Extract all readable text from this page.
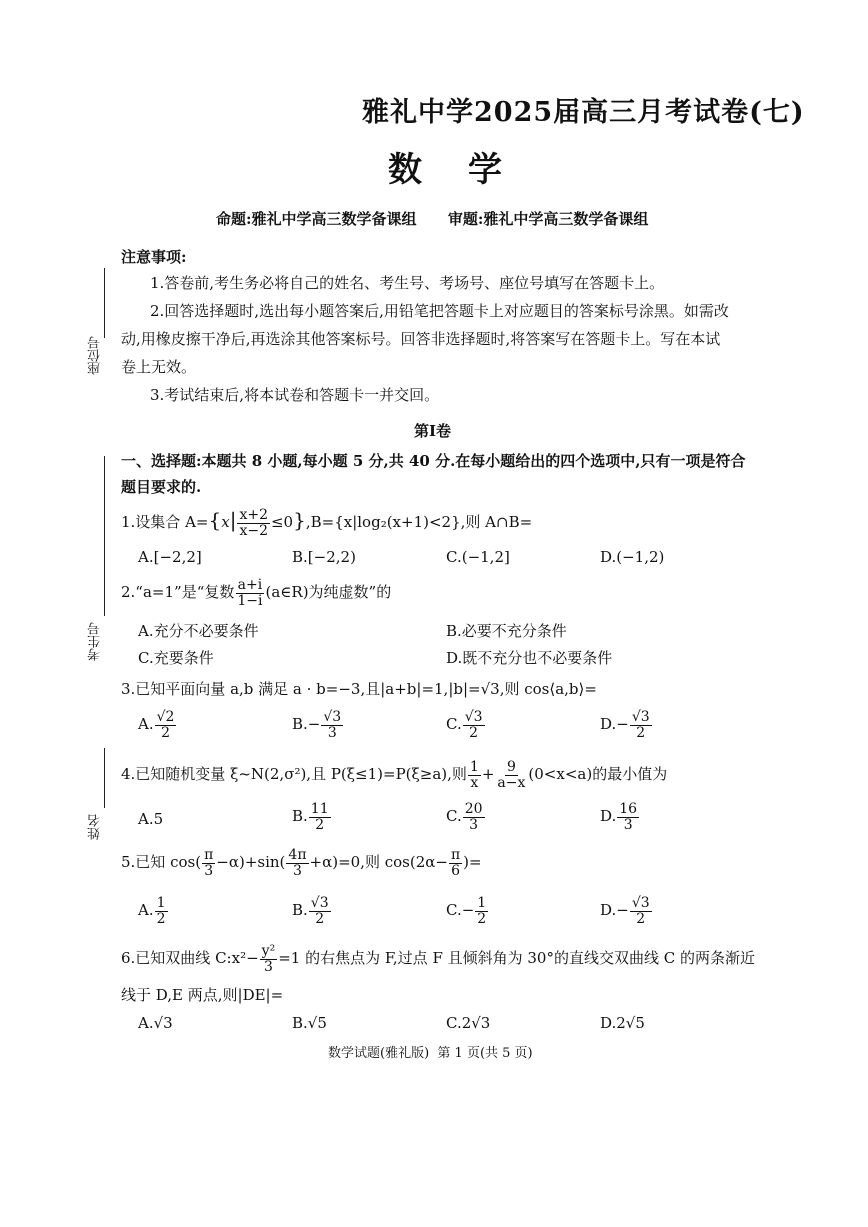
座位号
考生号
姓名
雅礼中学2025届高三月考试卷(七)
数学
命题:雅礼中学高三数学备课组      审题:雅礼中学高三数学备课组
注意事项:
1.答卷前,考生务必将自己的姓名、考生号、考场号、座位号填写在答题卡上。
2.回答选择题时,选出每小题答案后,用铅笔把答题卡上对应题目的答案标号涂黑。如需改
动,用橡皮擦干净后,再选涂其他答案标号。回答非选择题时,将答案写在答题卡上。写在本试
卷上无效。
3.考试结束后,将本试卷和答题卡一并交回。
第Ⅰ卷
一、选择题:本题共 8 小题,每小题 5 分,共 40 分.在每小题给出的四个选项中,只有一项是符合
题目要求的.
1.设集合 $A=\{x| \frac{x+2}{x-2} \le 0\},B=\{x|\log_2(x+1)<2\}$,则 A∩B=
A.[−2,2]	B.[−2,2)	C.(−1,2]	D.(−1,2)
2.“a=1”是“复数 $\frac{a+i}{1-i}$ (a∈R)为纯虚数”的
A.充分不必要条件	B.必要不充分条件
C.充要条件	D.既不充分也不必要条件
3.已知平面向量 a,b 满足 a · b=−3,且|a+b|=1,|b|=√3,则 cos⟨a,b⟩=
A. $\frac{√2}{2}$	$B.- \frac{√3}{3}$	C. $\frac{√3}{2}$	$D.- \frac{√3}{2}$
4.已知随机变量 ξ~N(2,σ²),且 P(ξ≤1)=P(ξ≥a),则 $\frac{1}{x} + \frac{9}{a-x} (0<x<a)$的最小值为
A.5	B. $\frac{11}{2}$	C. $\frac{20}{3}$	D. $\frac{16}{3}$
5.已知 $\cos( \frac{\pi}{3} -\alpha)+\sin( \frac{4\pi}{3} +\alpha)=0$,则 $\cos(2\alpha- \frac{\pi}{6}$ )=
A. $\frac{1}{2}$	B. $\frac{√3}{2}$	$C.- \frac{1}{2}$	$D.- \frac{√3}{2}$
6.已知双曲线 C:x²− $\frac{\text{y²}}{3} =1$ 的右焦点为 F,过点 F 且倾斜角为 30°的直线交双曲线 C 的两条渐近
线于 D,E 两点,则|DE|=
A.√3	B.√5	C.2√3	D.2√5
数学试题(雅礼版)  第 1 页(共 5 页)
